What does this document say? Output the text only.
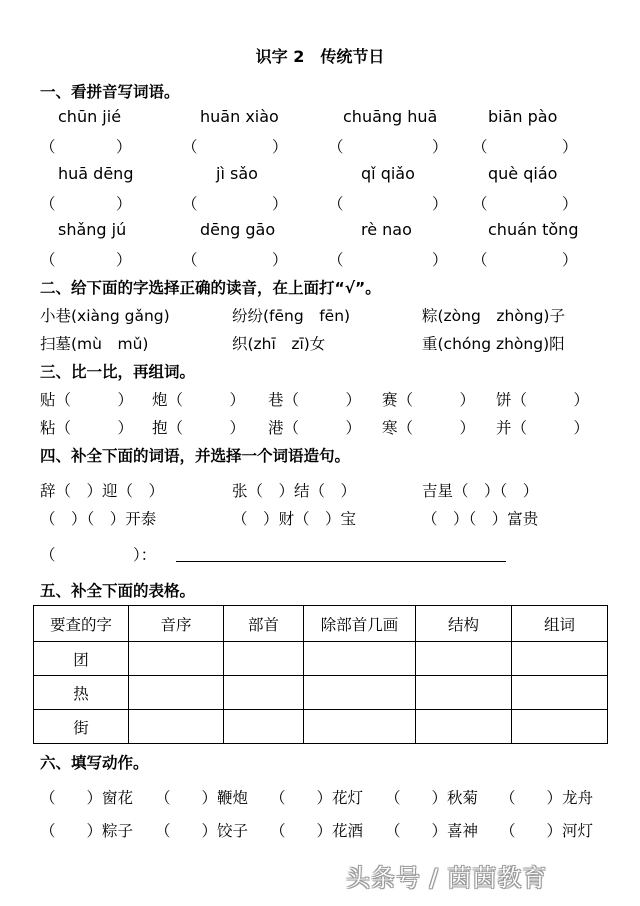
识字 2　传统节日
一、看拼音写词语。
chūn jié	huān xiào	chuāng huā	biān pào
（	）	（	）	（	） （	）
huā dēng	jì sǎo	qǐ qiǎo	què qiáo
（	）	（	）	（	） （	）
shǎng jú	dēng gāo	rè nao	chuán tǒng
（	）	（	）	（	） （	）
二、给下面的字选择正确的读音，在上面打“√”。
小巷(xiàng gǎng)	纷纷(fēng　fēn)	粽(zòng　zhòng)子
扫墓(mù　mǔ)	织(zhī　zī)女	重(chóng zhòng)阳
三、比一比，再组词。
贴（　　　） 炮（　　　） 巷（　　　） 赛（　　　） 饼（　　　）
粘（　　　） 抱（　　　） 港（　　　） 寒（　　　） 并（　　　）
四、补全下面的词语，并选择一个词语造句。
辞（　）迎（　）	张（　）结（　）	吉星（　）（　）
（　）（　）开泰	（　）财（　）宝	（　）（　）富贵
（　　　　　）：
五、补全下面的表格。
要查的字	音序	部首	除部首几画	结构	组词
团					
热					
街					
六、填写动作。
（　　）窗花 （　　）鞭炮 （　　）花灯 （　　）秋菊 （　　）龙舟
（　　）粽子 （　　）饺子 （　　）花酒 （　　）喜神 （　　）河灯
头条号 / 茵茵教育
